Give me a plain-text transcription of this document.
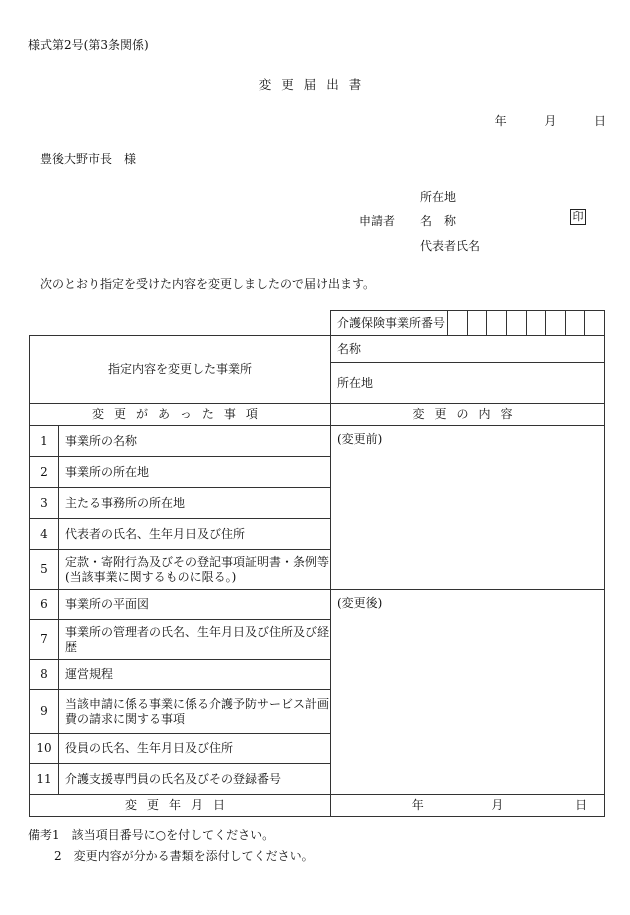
様式第2号(第3条関係)
変更届出書
年	月	日
豊後大野市長　様
所在地
申請者 名　称	印
代表者氏名
次のとおり指定を受けた内容を変更しましたので届け出ます。
		介護保険事業所番号	

指定内容を変更した事業所		名称	
		所在地	
変更があった事項		変更の内容	
1	事業所の名称	(変更前)	
2	事業所の所在地		
3	主たる事務所の所在地		
4	代表者の氏名、生年月日及び住所		
5	定款・寄附行為及びその登記事項証明書・条例等
(当該事業に関するものに限る。)		
6	事業所の平面図	(変更後)	
7	事業所の管理者の氏名、生年月日及び住所及び経
歴		
8	運営規程		
9	当該申請に係る事業に係る介護予防サービス計画
費の請求に関する事項		
10	役員の氏名、生年月日及び住所		
11	介護支援専門員の氏名及びその登録番号		
変更年月日		年 月 日	
備考1　該当項目番号に○を付してください。
2　変更内容が分かる書類を添付してください。
